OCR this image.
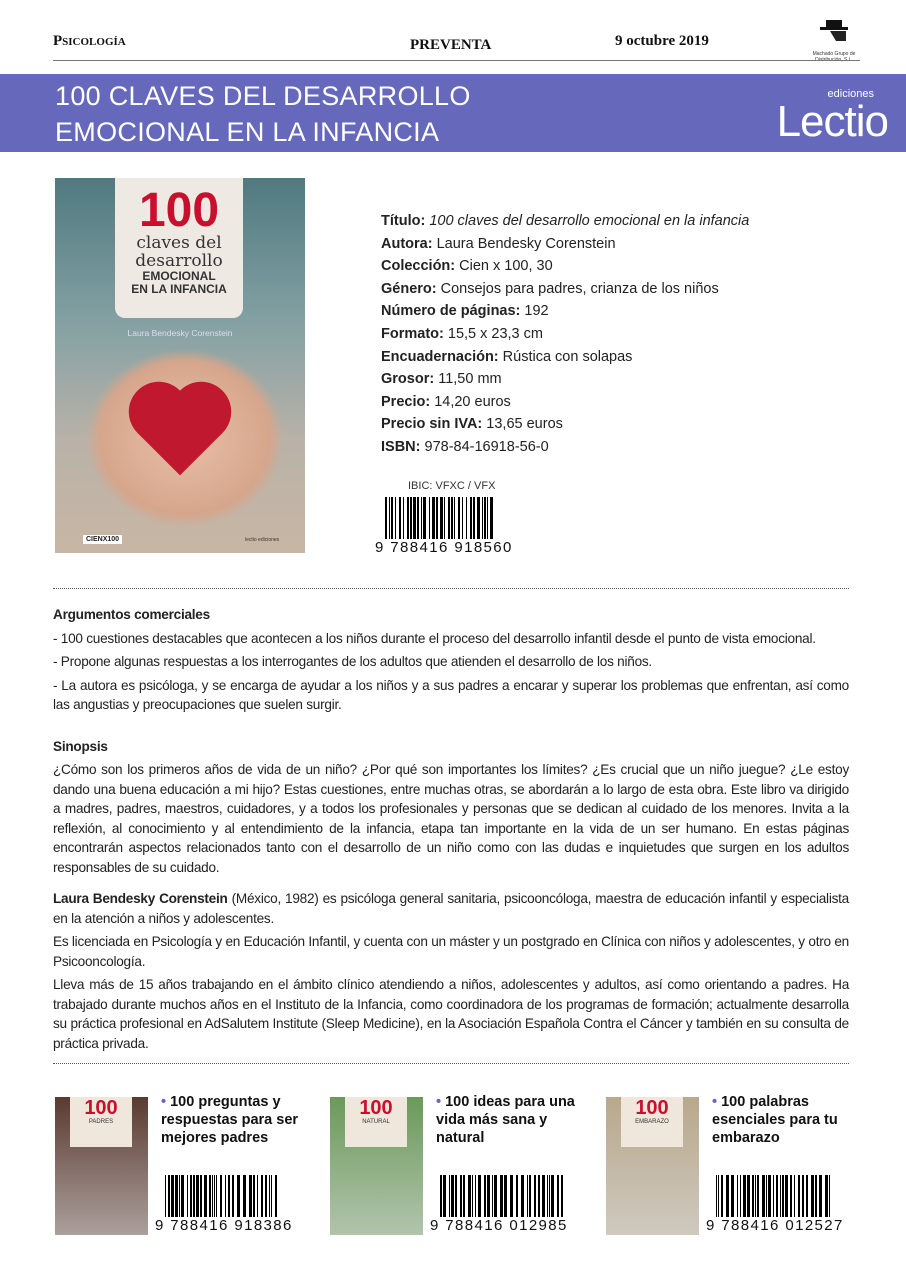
Psicología	PREVENTA	9 octubre 2019
Machado Grupo de
100 CLAVES DEL DESARROLLO
EMOCIONAL EN LA INFANCIA
ediciones
Lectio
100
claves del
desarrollo
EMOCIONAL
EN LA INFANCIA
Laura Bendesky Corenstein
CIENX100	lectio ediciones
Título: 100 claves del desarrollo emocional en la infancia
Autora: Laura Bendesky Corenstein
Colección: Cien x 100, 30
Género: Consejos para padres, crianza de los niños
Número de páginas: 192
Formato: 15,5 x 23,3 cm
Encuadernación: Rústica con solapas
Grosor: 11,50 mm
Precio: 14,20 euros
Precio sin IVA: 13,65 euros
ISBN: 978-84-16918-56-0
IBIC: VFXC / VFX
9 788416 918560
Argumentos comerciales

- 100 cuestiones destacables que acontecen a los niños durante el proceso del desarrollo infantil desde el punto de vista emocional.

- Propone algunas respuestas a los interrogantes de los adultos que atienden el desarrollo de los niños.

- La autora es psicóloga, y se encarga de ayudar a los niños y a sus padres a encarar y superar los problemas que enfrentan, así como las angustias y preocupaciones que suelen surgir.

Sinopsis

¿Cómo son los primeros años de vida de un niño? ¿Por qué son importantes los límites? ¿Es crucial que un niño juegue? ¿Le estoy dando una buena educación a mi hijo? Estas cuestiones, entre muchas otras, se abordarán a lo largo de esta obra. Este libro va dirigido a madres, padres, maestros, cuidadores, y a todos los profesionales y personas que se dedican al cuidado de los menores. Invita a la reflexión, al conocimiento y al entendimiento de la infancia, etapa tan importante en la vida de un ser humano. En estas páginas encontrarán aspectos relacionados tanto con el desarrollo de un niño como con las dudas e inquietudes que surgen en los adultos responsables de su cuidado.

Laura Bendesky Corenstein (México, 1982) es psicóloga general sanitaria, psicooncóloga, maestra de educación infantil y especialista en la atención a niños y adolescentes.

Es licenciada en Psicología y en Educación Infantil, y cuenta con un máster y un postgrado en Clínica con niños y adolescentes, y otro en Psicooncología.

Lleva más de 15 años trabajando en el ámbito clínico atendiendo a niños, adolescentes y adultos, así como orientando a padres. Ha trabajado durante muchos años en el Instituto de la Infancia, como coordinadora de los programas de formación; actualmente desarrolla su práctica profesional en AdSalutem Institute (Sleep Medicine), en la Asociación Española Contra el Cáncer y también en su consulta de práctica privada.

100
PADRES
• 100 preguntas y respuestas para ser mejores padres
9 788416 918386
100
NATURAL
• 100 ideas para una vida más sana y natural
9 788416 012985
100
EMBARAZO
• 100 palabras esenciales para tu embarazo
9 788416 012527
